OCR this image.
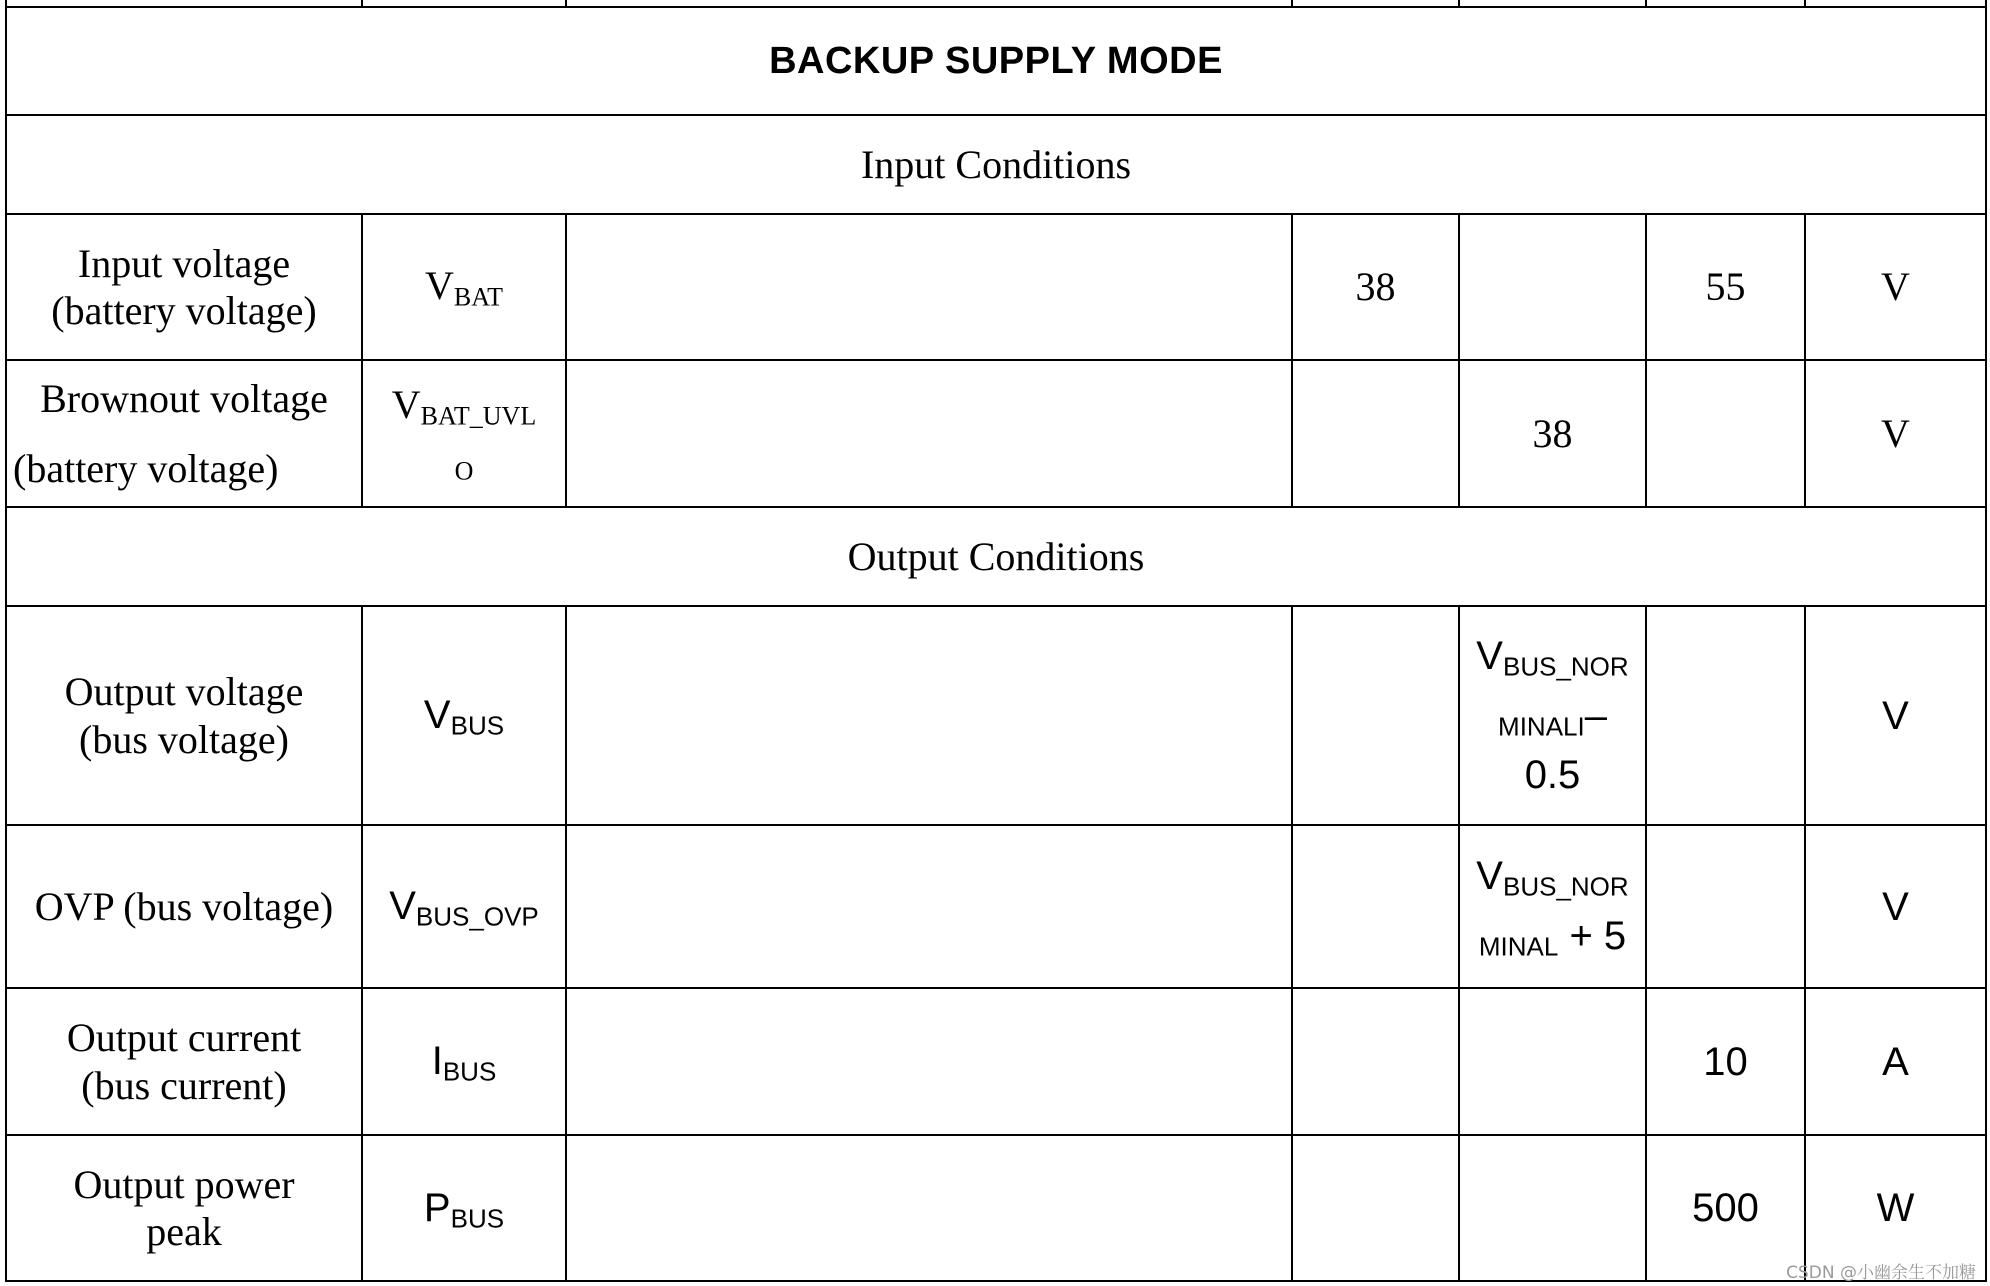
BACKUP SUPPLY MODE						
Input Conditions						

Input voltage
(battery voltage)	$V_{BAT}$		38		55	V

Brownout voltage
(battery voltage)	$V_{BAT\_UVL}$
$_O$			38		V
Output Conditions						

Output voltage
(bus voltage)	$V_{BUS}$			$V_{BUS\_NOR}$
$_{MINALI}$–
0.5		V

OVP (bus voltage)	$V_{BUS\_OVP}$			$V_{BUS\_NOR}$
$_{MINAL}$ + 5		V

Output current
(bus current)	$I_{BUS}$				10	A

Output power
peak	$P_{BUS}$				500	W
CSDN @小幽余生不加糖
